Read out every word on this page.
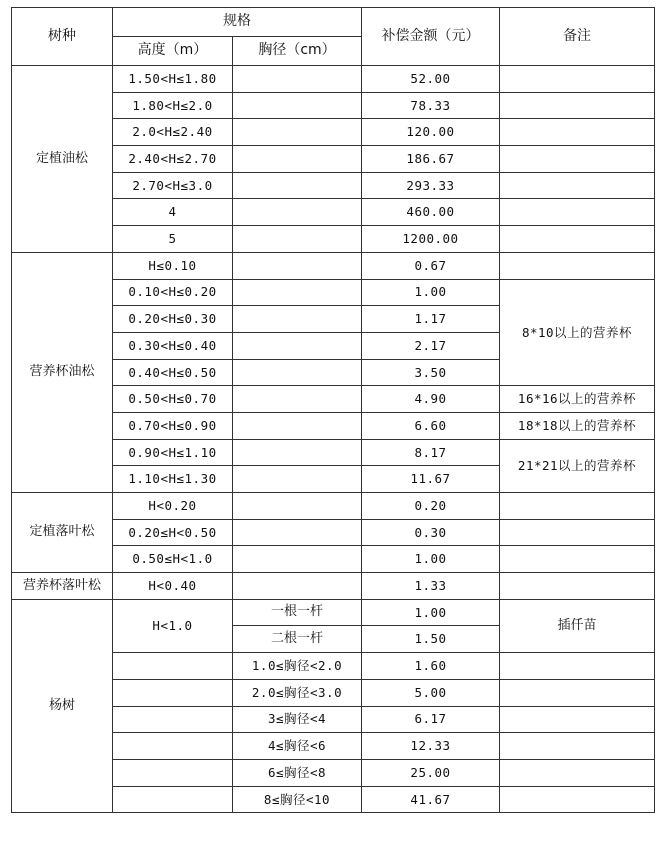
树种	规格		补偿金额（元）	备注
	高度（m）	胸径（cm）		
定植油松	1.50<H≤1.80		52.00	
	1.80<H≤2.0		78.33	
	2.0<H≤2.40		120.00	
	2.40<H≤2.70		186.67	
	2.70<H≤3.0		293.33	
	4		460.00	
	5		1200.00	
营养杯油松	H≤0.10		0.67	
	0.10<H≤0.20		1.00	8*10以上的营养杯
	0.20<H≤0.30		1.17	
	0.30<H≤0.40		2.17	
	0.40<H≤0.50		3.50	
	0.50<H≤0.70		4.90	16*16以上的营养杯
	0.70<H≤0.90		6.60	18*18以上的营养杯
	0.90<H≤1.10		8.17	21*21以上的营养杯
	1.10<H≤1.30		11.67	
定植落叶松	H<0.20		0.20	
	0.20≤H<0.50		0.30	
	0.50≤H<1.0		1.00	
营养杯落叶松	H<0.40		1.33	
杨树	H<1.0	一根一杆	1.00	插仟苗
		二根一杆	1.50	
		1.0≤胸径<2.0	1.60	
		2.0≤胸径<3.0	5.00	
		3≤胸径<4	6.17	
		4≤胸径<6	12.33	
		6≤胸径<8	25.00	
		8≤胸径<10	41.67	
